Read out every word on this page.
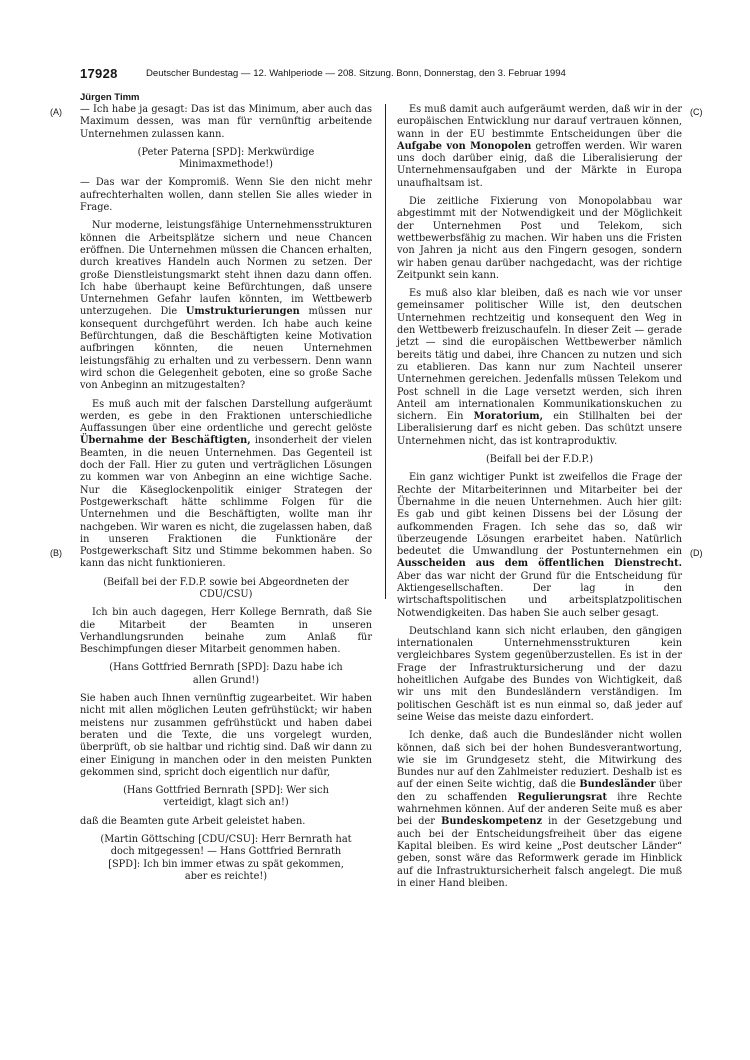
17928	Deutscher Bundestag — 12. Wahlperiode — 208. Sitzung. Bonn, Donnerstag, den 3. Februar 1994
Jürgen Timm
(A)
(B)
(C)
(D)

— Ich habe ja gesagt: Das ist das Minimum, aber auch das Maximum dessen, was man für vernünftig arbeitende Unternehmen zulassen kann.

(Peter Paterna [SPD]: Merkwürdige Minimaxmethode!)

— Das war der Kompromiß. Wenn Sie den nicht mehr aufrechterhalten wollen, dann stellen Sie alles wieder in Frage.

Nur moderne, leistungsfähige Unternehmensstrukturen können die Arbeitsplätze sichern und neue Chancen eröffnen. Die Unternehmen müssen die Chancen erhalten, durch kreatives Handeln auch Normen zu setzen. Der große Dienstleistungsmarkt steht ihnen dazu dann offen. Ich habe überhaupt keine Befürchtungen, daß unsere Unternehmen Gefahr laufen könnten, im Wettbewerb unterzugehen. Die Umstrukturierungen müssen nur konsequent durchgeführt werden. Ich habe auch keine Befürchtungen, daß die Beschäftigten keine Motivation aufbringen könnten, die neuen Unternehmen leistungsfähig zu erhalten und zu verbessern. Denn wann wird schon die Gelegenheit geboten, eine so große Sache von Anbeginn an mitzugestalten?

Es muß auch mit der falschen Darstellung aufgeräumt werden, es gebe in den Fraktionen unterschiedliche Auffassungen über eine ordentliche und gerecht gelöste Übernahme der Beschäftigten, insonderheit der vielen Beamten, in die neuen Unternehmen. Das Gegenteil ist doch der Fall. Hier zu guten und verträglichen Lösungen zu kommen war von Anbeginn an eine wichtige Sache. Nur die Käseglockenpolitik einiger Strategen der Postgewerkschaft hätte schlimme Folgen für die Unternehmen und die Beschäftigten, wollte man ihr nachgeben. Wir waren es nicht, die zugelassen haben, daß in unseren Fraktionen die Funktionäre der Postgewerkschaft Sitz und Stimme bekommen haben. So kann das nicht funktionieren.

(Beifall bei der F.D.P. sowie bei Abgeordneten der CDU/CSU)

Ich bin auch dagegen, Herr Kollege Bernrath, daß Sie die Mitarbeit der Beamten in unseren Verhandlungsrunden beinahe zum Anlaß für Beschimpfungen dieser Mitarbeit genommen haben.

(Hans Gottfried Bernrath [SPD]: Dazu habe ich allen Grund!)

Sie haben auch Ihnen vernünftig zugearbeitet. Wir haben nicht mit allen möglichen Leuten gefrühstückt; wir haben meistens nur zusammen gefrühstückt und haben dabei beraten und die Texte, die uns vorgelegt wurden, überprüft, ob sie haltbar und richtig sind. Daß wir dann zu einer Einigung in manchen oder in den meisten Punkten gekommen sind, spricht doch eigentlich nur dafür,

(Hans Gottfried Bernrath [SPD]: Wer sich verteidigt, klagt sich an!)

daß die Beamten gute Arbeit geleistet haben.

(Martin Göttsching [CDU/CSU]: Herr Bernrath hat doch mitgegessen! — Hans Gottfried Bernrath [SPD]: Ich bin immer etwas zu spät gekommen, aber es reichte!)

Es muß damit auch aufgeräumt werden, daß wir in der europäischen Entwicklung nur darauf vertrauen können, wann in der EU bestimmte Entscheidungen über die Aufgabe von Monopolen getroffen werden. Wir waren uns doch darüber einig, daß die Liberalisierung der Unternehmensaufgaben und der Märkte in Europa unaufhaltsam ist.

Die zeitliche Fixierung von Monopolabbau war abgestimmt mit der Notwendigkeit und der Möglichkeit der Unternehmen Post und Telekom, sich wettbewerbsfähig zu machen. Wir haben uns die Fristen von Jahren ja nicht aus den Fingern gesogen, sondern wir haben genau darüber nachgedacht, was der richtige Zeitpunkt sein kann.

Es muß also klar bleiben, daß es nach wie vor unser gemeinsamer politischer Wille ist, den deutschen Unternehmen rechtzeitig und konsequent den Weg in den Wettbewerb freizuschaufeln. In dieser Zeit — gerade jetzt — sind die europäischen Wettbewerber nämlich bereits tätig und dabei, ihre Chancen zu nutzen und sich zu etablieren. Das kann nur zum Nachteil unserer Unternehmen gereichen. Jedenfalls müssen Telekom und Post schnell in die Lage versetzt werden, sich ihren Anteil am internationalen Kommunikationskuchen zu sichern. Ein Moratorium, ein Stillhalten bei der Liberalisierung darf es nicht geben. Das schützt unsere Unternehmen nicht, das ist kontraproduktiv.

(Beifall bei der F.D.P.)

Ein ganz wichtiger Punkt ist zweifellos die Frage der Rechte der Mitarbeiterinnen und Mitarbeiter bei der Übernahme in die neuen Unternehmen. Auch hier gilt: Es gab und gibt keinen Dissens bei der Lösung der aufkommenden Fragen. Ich sehe das so, daß wir überzeugende Lösungen erarbeitet haben. Natürlich bedeutet die Umwandlung der Postunternehmen ein Ausscheiden aus dem öffentlichen Dienstrecht. Aber das war nicht der Grund für die Entscheidung für Aktiengesellschaften. Der lag in den wirtschaftspolitischen und arbeitsplatzpolitischen Notwendigkeiten. Das haben Sie auch selber gesagt.

Deutschland kann sich nicht erlauben, den gängigen internationalen Unternehmensstrukturen kein vergleichbares System gegenüberzustellen. Es ist in der Frage der Infrastruktursicherung und der dazu hoheitlichen Aufgabe des Bundes von Wichtigkeit, daß wir uns mit den Bundesländern verständigen. Im politischen Geschäft ist es nun einmal so, daß jeder auf seine Weise das meiste dazu einfordert.

Ich denke, daß auch die Bundesländer nicht wollen können, daß sich bei der hohen Bundesverantwortung, wie sie im Grundgesetz steht, die Mitwirkung des Bundes nur auf den Zahlmeister reduziert. Deshalb ist es auf der einen Seite wichtig, daß die Bundesländer über den zu schaffenden Regulierungsrat ihre Rechte wahrnehmen können. Auf der anderen Seite muß es aber bei der Bundeskompetenz in der Gesetzgebung und auch bei der Entscheidungsfreiheit über das eigene Kapital bleiben. Es wird keine „Post deutscher Länder“ geben, sonst wäre das Reformwerk gerade im Hinblick auf die Infrastruktursicherheit falsch angelegt. Die muß in einer Hand bleiben.
